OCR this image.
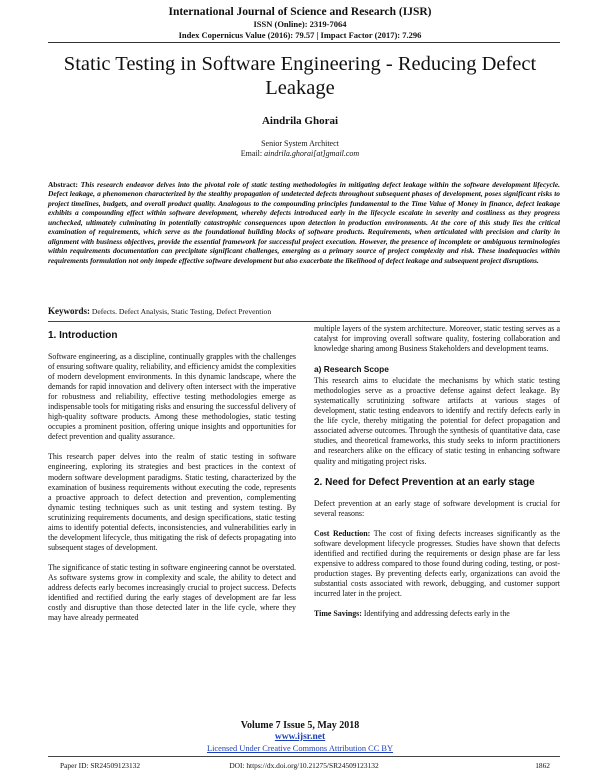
International Journal of Science and Research (IJSR)
ISSN (Online): 2319-7064
Index Copernicus Value (2016): 79.57 | Impact Factor (2017): 7.296
Static Testing in Software Engineering - Reducing Defect Leakage
Aindrila Ghorai
Senior System Architect
Email: aindrila.ghorai[at]gmail.com
Abstract: This research endeavor delves into the pivotal role of static testing methodologies in mitigating defect leakage within the software development lifecycle. Defect leakage, a phenomenon characterized by the stealthy propagation of undetected defects throughout subsequent phases of development, poses significant risks to project timelines, budgets, and overall product quality. Analogous to the compounding principles fundamental to the Time Value of Money in finance, defect leakage exhibits a compounding effect within software development, whereby defects introduced early in the lifecycle escalate in severity and costliness as they progress unchecked, ultimately culminating in potentially catastrophic consequences upon detection in production environments. At the core of this study lies the critical examination of requirements, which serve as the foundational building blocks of software products. Requirements, when articulated with precision and clarity in alignment with business objectives, provide the essential framework for successful project execution. However, the presence of incomplete or ambiguous terminologies within requirements documentation can precipitate significant challenges, emerging as a primary source of project complexity and risk. These inadequacies within requirements formulation not only impede effective software development but also exacerbate the likelihood of defect leakage and subsequent project disruptions.
Keywords: Defects. Defect Analysis, Static Testing, Defect Prevention
1. Introduction

Software engineering, as a discipline, continually grapples with the challenges of ensuring software quality, reliability, and efficiency amidst the complexities of modern development environments. In this dynamic landscape, where the demands for rapid innovation and delivery often intersect with the imperative for robustness and reliability, effective testing methodologies emerge as indispensable tools for mitigating risks and ensuring the successful delivery of high-quality software products. Among these methodologies, static testing occupies a prominent position, offering unique insights and opportunities for defect prevention and quality assurance.

This research paper delves into the realm of static testing in software engineering, exploring its strategies and best practices in the context of modern software development paradigms. Static testing, characterized by the examination of business requirements without executing the code, represents a proactive approach to defect detection and prevention, complementing dynamic testing techniques such as unit testing and system testing. By scrutinizing requirements documents, and design specifications, static testing aims to identify potential defects, inconsistencies, and vulnerabilities early in the development lifecycle, thus mitigating the risk of defects propagating into subsequent stages of development.

The significance of static testing in software engineering cannot be overstated. As software systems grow in complexity and scale, the ability to detect and address defects early becomes increasingly crucial to project success. Defects identified and rectified during the early stages of development are far less costly and disruptive than those detected later in the life cycle, where they may have already permeated

multiple layers of the system architecture. Moreover, static testing serves as a catalyst for improving overall software quality, fostering collaboration and knowledge sharing among Business Stakeholders and development teams.

a) Research Scope

This research aims to elucidate the mechanisms by which static testing methodologies serve as a proactive defense against defect leakage. By systematically scrutinizing software artifacts at various stages of development, static testing endeavors to identify and rectify defects early in the life cycle, thereby mitigating the potential for defect propagation and associated adverse outcomes. Through the synthesis of quantitative data, case studies, and theoretical frameworks, this study seeks to inform practitioners and researchers alike on the efficacy of static testing in enhancing software quality and mitigating project risks.

2. Need for Defect Prevention at an early stage

Defect prevention at an early stage of software development is crucial for several reasons:

Cost Reduction: The cost of fixing defects increases significantly as the software development lifecycle progresses. Studies have shown that defects identified and rectified during the requirements or design phase are far less expensive to address compared to those found during coding, testing, or post-production stages. By preventing defects early, organizations can avoid the substantial costs associated with rework, debugging, and customer support incurred later in the project.

Time Savings: Identifying and addressing defects early in the

Volume 7 Issue 5, May 2018
www.ijsr.net
Licensed Under Creative Commons Attribution CC BY
Paper ID: SR24509123132	DOI: https://dx.doi.org/10.21275/SR24509123132	1862
